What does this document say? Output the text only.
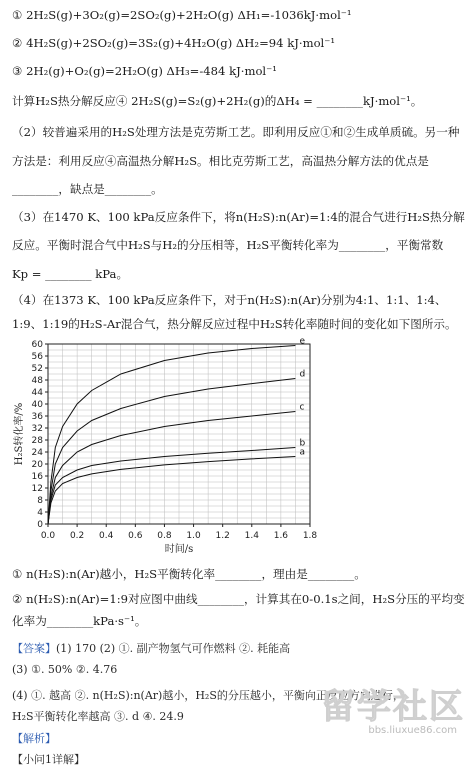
① 2H₂S(g)+3O₂(g)=2SO₂(g)+2H₂O(g) ΔH₁=-1036kJ·mol⁻¹
② 4H₂S(g)+2SO₂(g)=3S₂(g)+4H₂O(g) ΔH₂=94 kJ·mol⁻¹
③ 2H₂(g)+O₂(g)=2H₂O(g) ΔH₃=-484 kJ·mol⁻¹
计算H₂S热分解反应④ 2H₂S(g)=S₂(g)+2H₂(g)的ΔH₄ = ________kJ·mol⁻¹。
（2）较普遍采用的H₂S处理方法是克劳斯工艺。即利用反应①和②生成单质硫。另一种
方法是：利用反应④高温热分解H₂S。相比克劳斯工艺，高温热分解方法的优点是
________，缺点是________。
（3）在1470 K、100 kPa反应条件下，将n(H₂S):n(Ar)=1:4的混合气进行H₂S热分解
反应。平衡时混合气中H₂S与H₂的分压相等，H₂S平衡转化率为________，平衡常数
Kp = ________ kPa。
（4）在1373 K、100 kPa反应条件下，对于n(H₂S):n(Ar)分别为4:1、1:1、1:4、
1:9、1:19的H₂S-Ar混合气，热分解反应过程中H₂S转化率随时间的变化如下图所示。
0.0 0.2 0.4 0.6 0.8 1.0 1.2 1.4 1.6 1.8
0
4
8
12
16
20
24
28
32
36
40
44
48
52
56
60
时间/s
H₂S转化率/%	a
b
c
d
e
① n(H₂S):n(Ar)越小，H₂S平衡转化率________，理由是________。
② n(H₂S):n(Ar)=1:9对应图中曲线________，计算其在0-0.1s之间，H₂S分压的平均变
化率为________kPa·s⁻¹。
【答案】(1) 170 (2) ①. 副产物氢气可作燃料 ②. 耗能高
(3) ①. 50% ②. 4.76
(4) ①. 越高 ②. n(H₂S):n(Ar)越小，H₂S的分压越小，平衡向正反应方向进行，
H₂S平衡转化率越高 ③. d ④. 24.9
【解析】
【小问1详解】
留学社区
bbs.liuxue86.com
